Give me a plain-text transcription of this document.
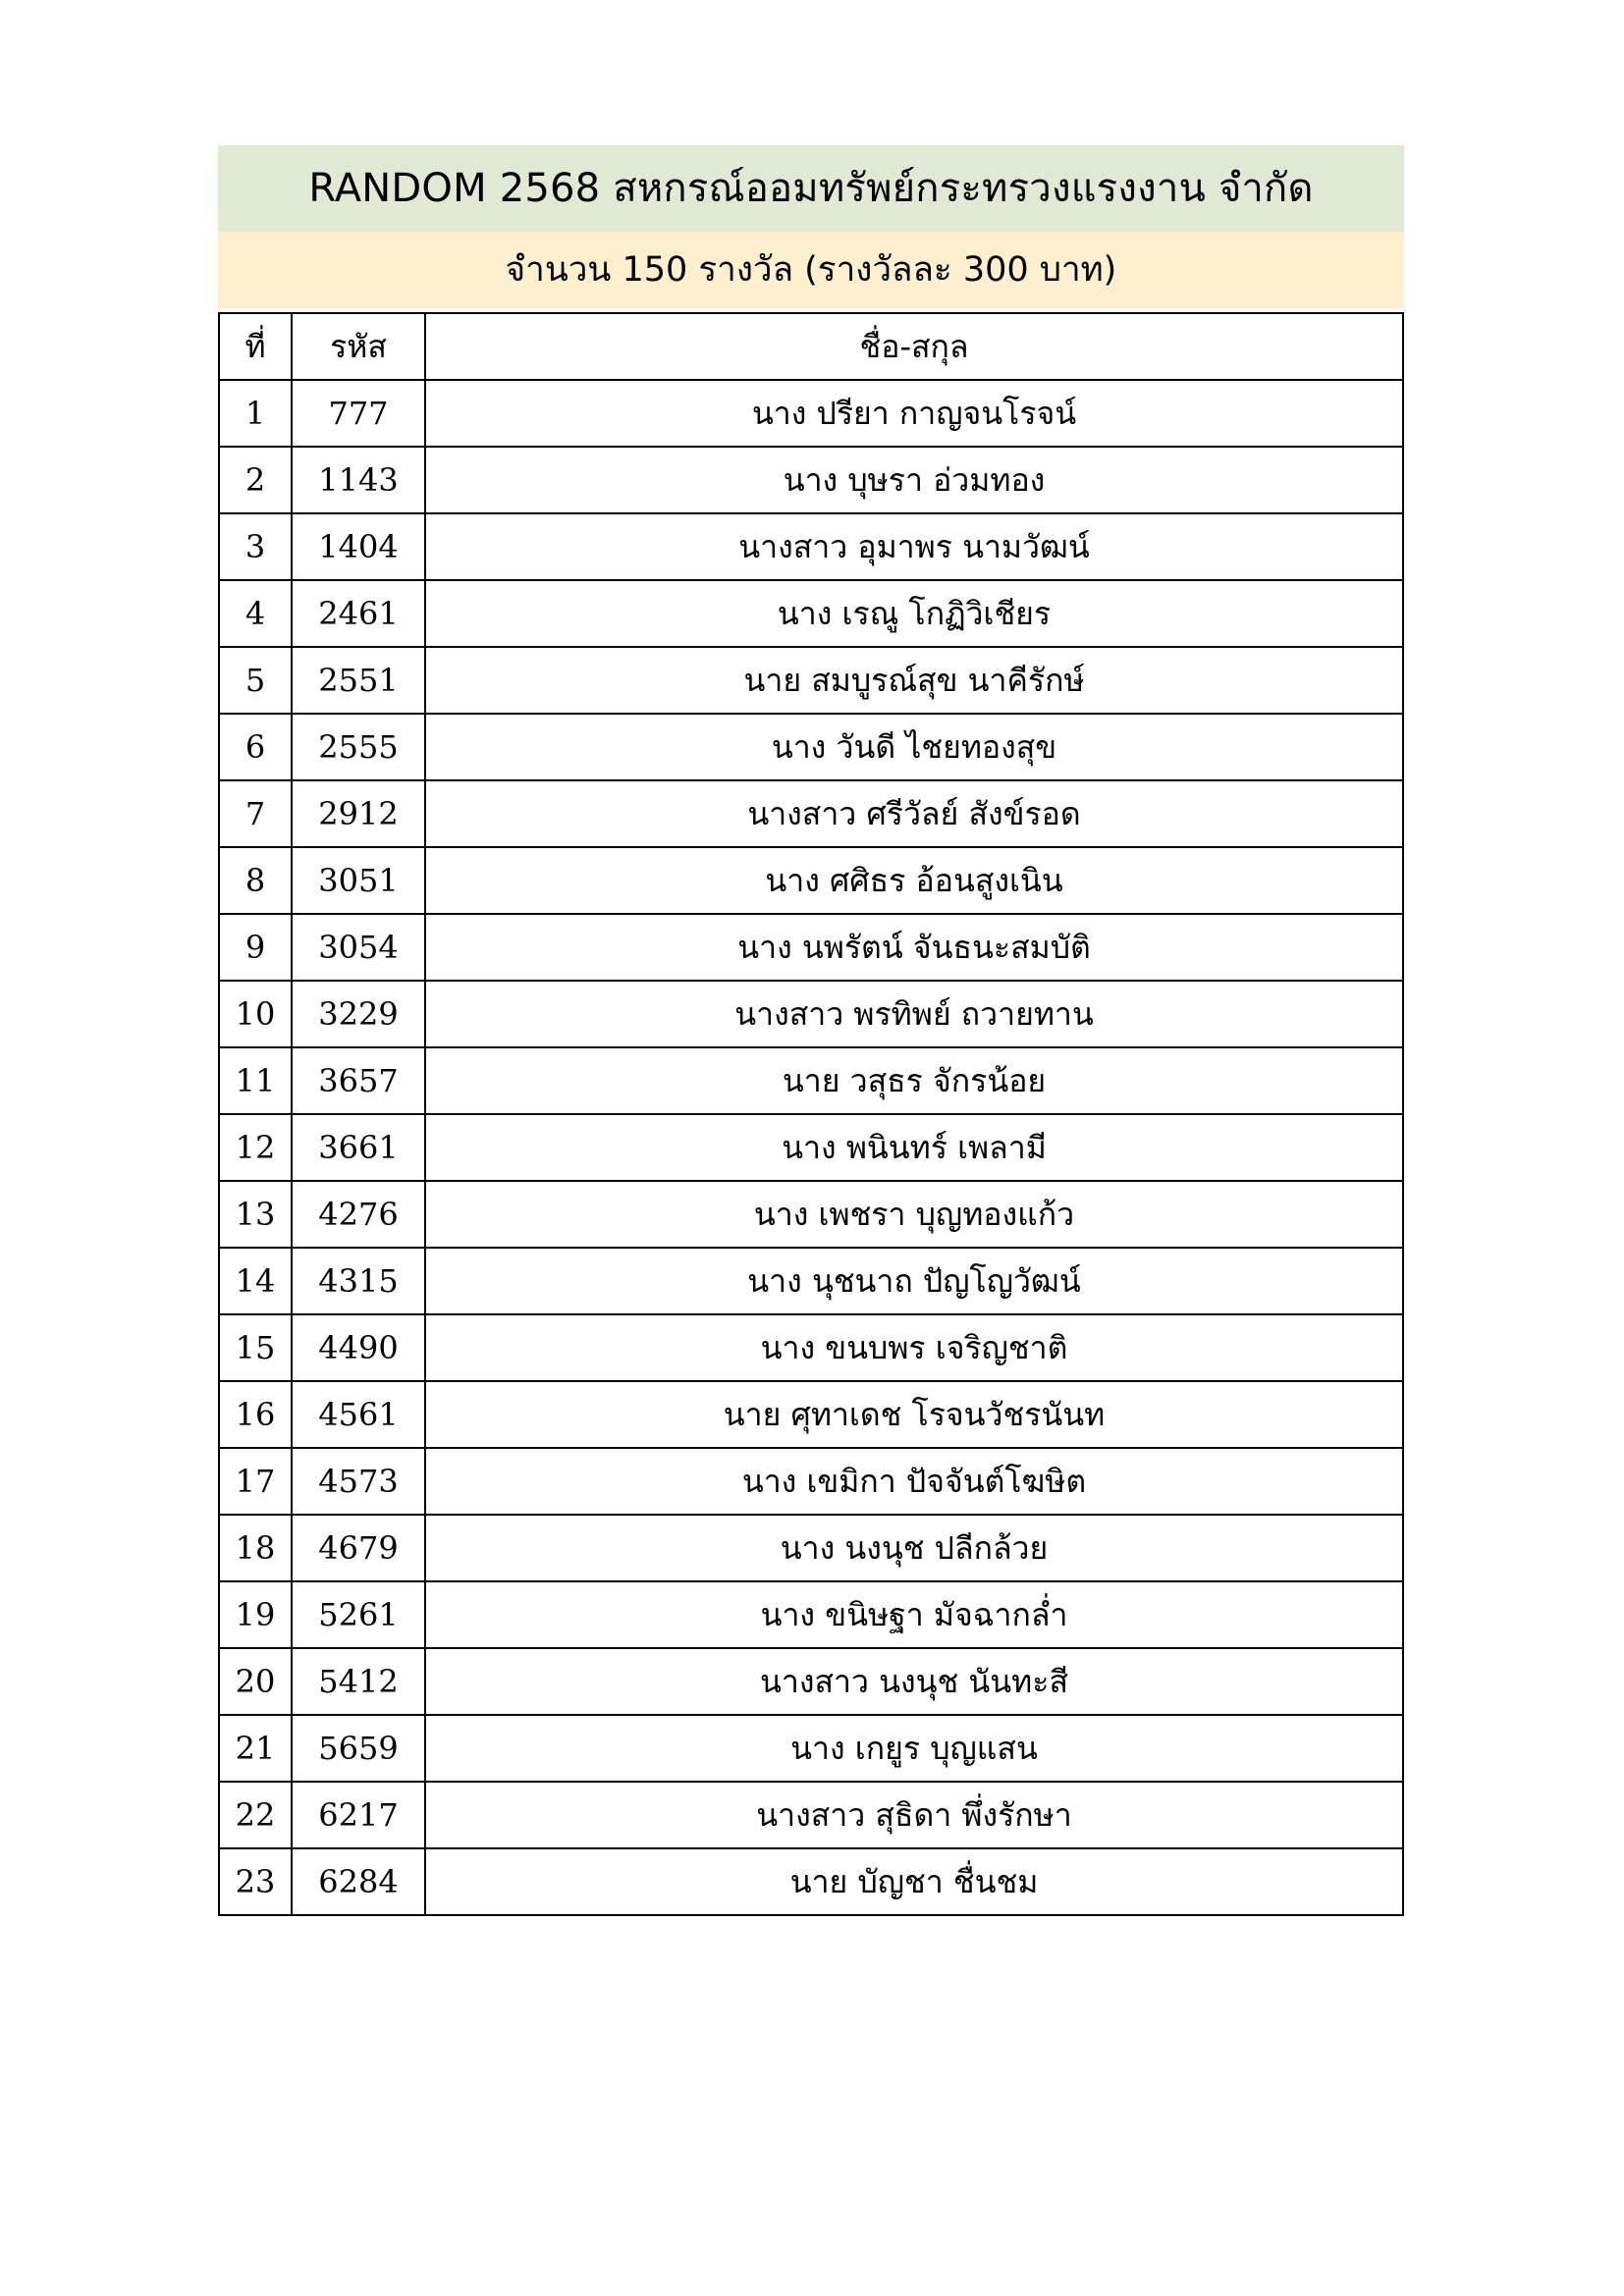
RANDOM 2568 สหกรณ์ออมทรัพย์กระทรวงแรงงาน จำกัด
จำนวน 150 รางวัล (รางวัลละ 300 บาท)
ที่	รหัส	ชื่อ-สกุล
1	777	นาง ปรียา กาญจนโรจน์
2	1143	นาง บุษรา อ่วมทอง
3	1404	นางสาว อุมาพร นามวัฒน์
4	2461	นาง เรณู โกฏิวิเชียร
5	2551	นาย สมบูรณ์สุข นาคีรักษ์
6	2555	นาง วันดี ไชยทองสุข
7	2912	นางสาว ศรีวัลย์ สังข์รอด
8	3051	นาง ศศิธร อ้อนสูงเนิน
9	3054	นาง นพรัตน์ จันธนะสมบัติ
10	3229	นางสาว พรทิพย์ ถวายทาน
11	3657	นาย วสุธร จักรน้อย
12	3661	นาง พนินทร์ เพลามี
13	4276	นาง เพชรา บุญทองแก้ว
14	4315	นาง นุชนาถ ปัญโญวัฒน์
15	4490	นาง ขนบพร เจริญชาติ
16	4561	นาย ศุทาเดช โรจนวัชรนันท
17	4573	นาง เขมิกา ปัจจันต์โฆษิต
18	4679	นาง นงนุช ปลีกล้วย
19	5261	นาง ขนิษฐา มัจฉากล่ำ
20	5412	นางสาว นงนุช นันทะสี
21	5659	นาง เกยูร บุญแสน
22	6217	นางสาว สุธิดา พึ่งรักษา
23	6284	นาย บัญชา ชื่นชม
